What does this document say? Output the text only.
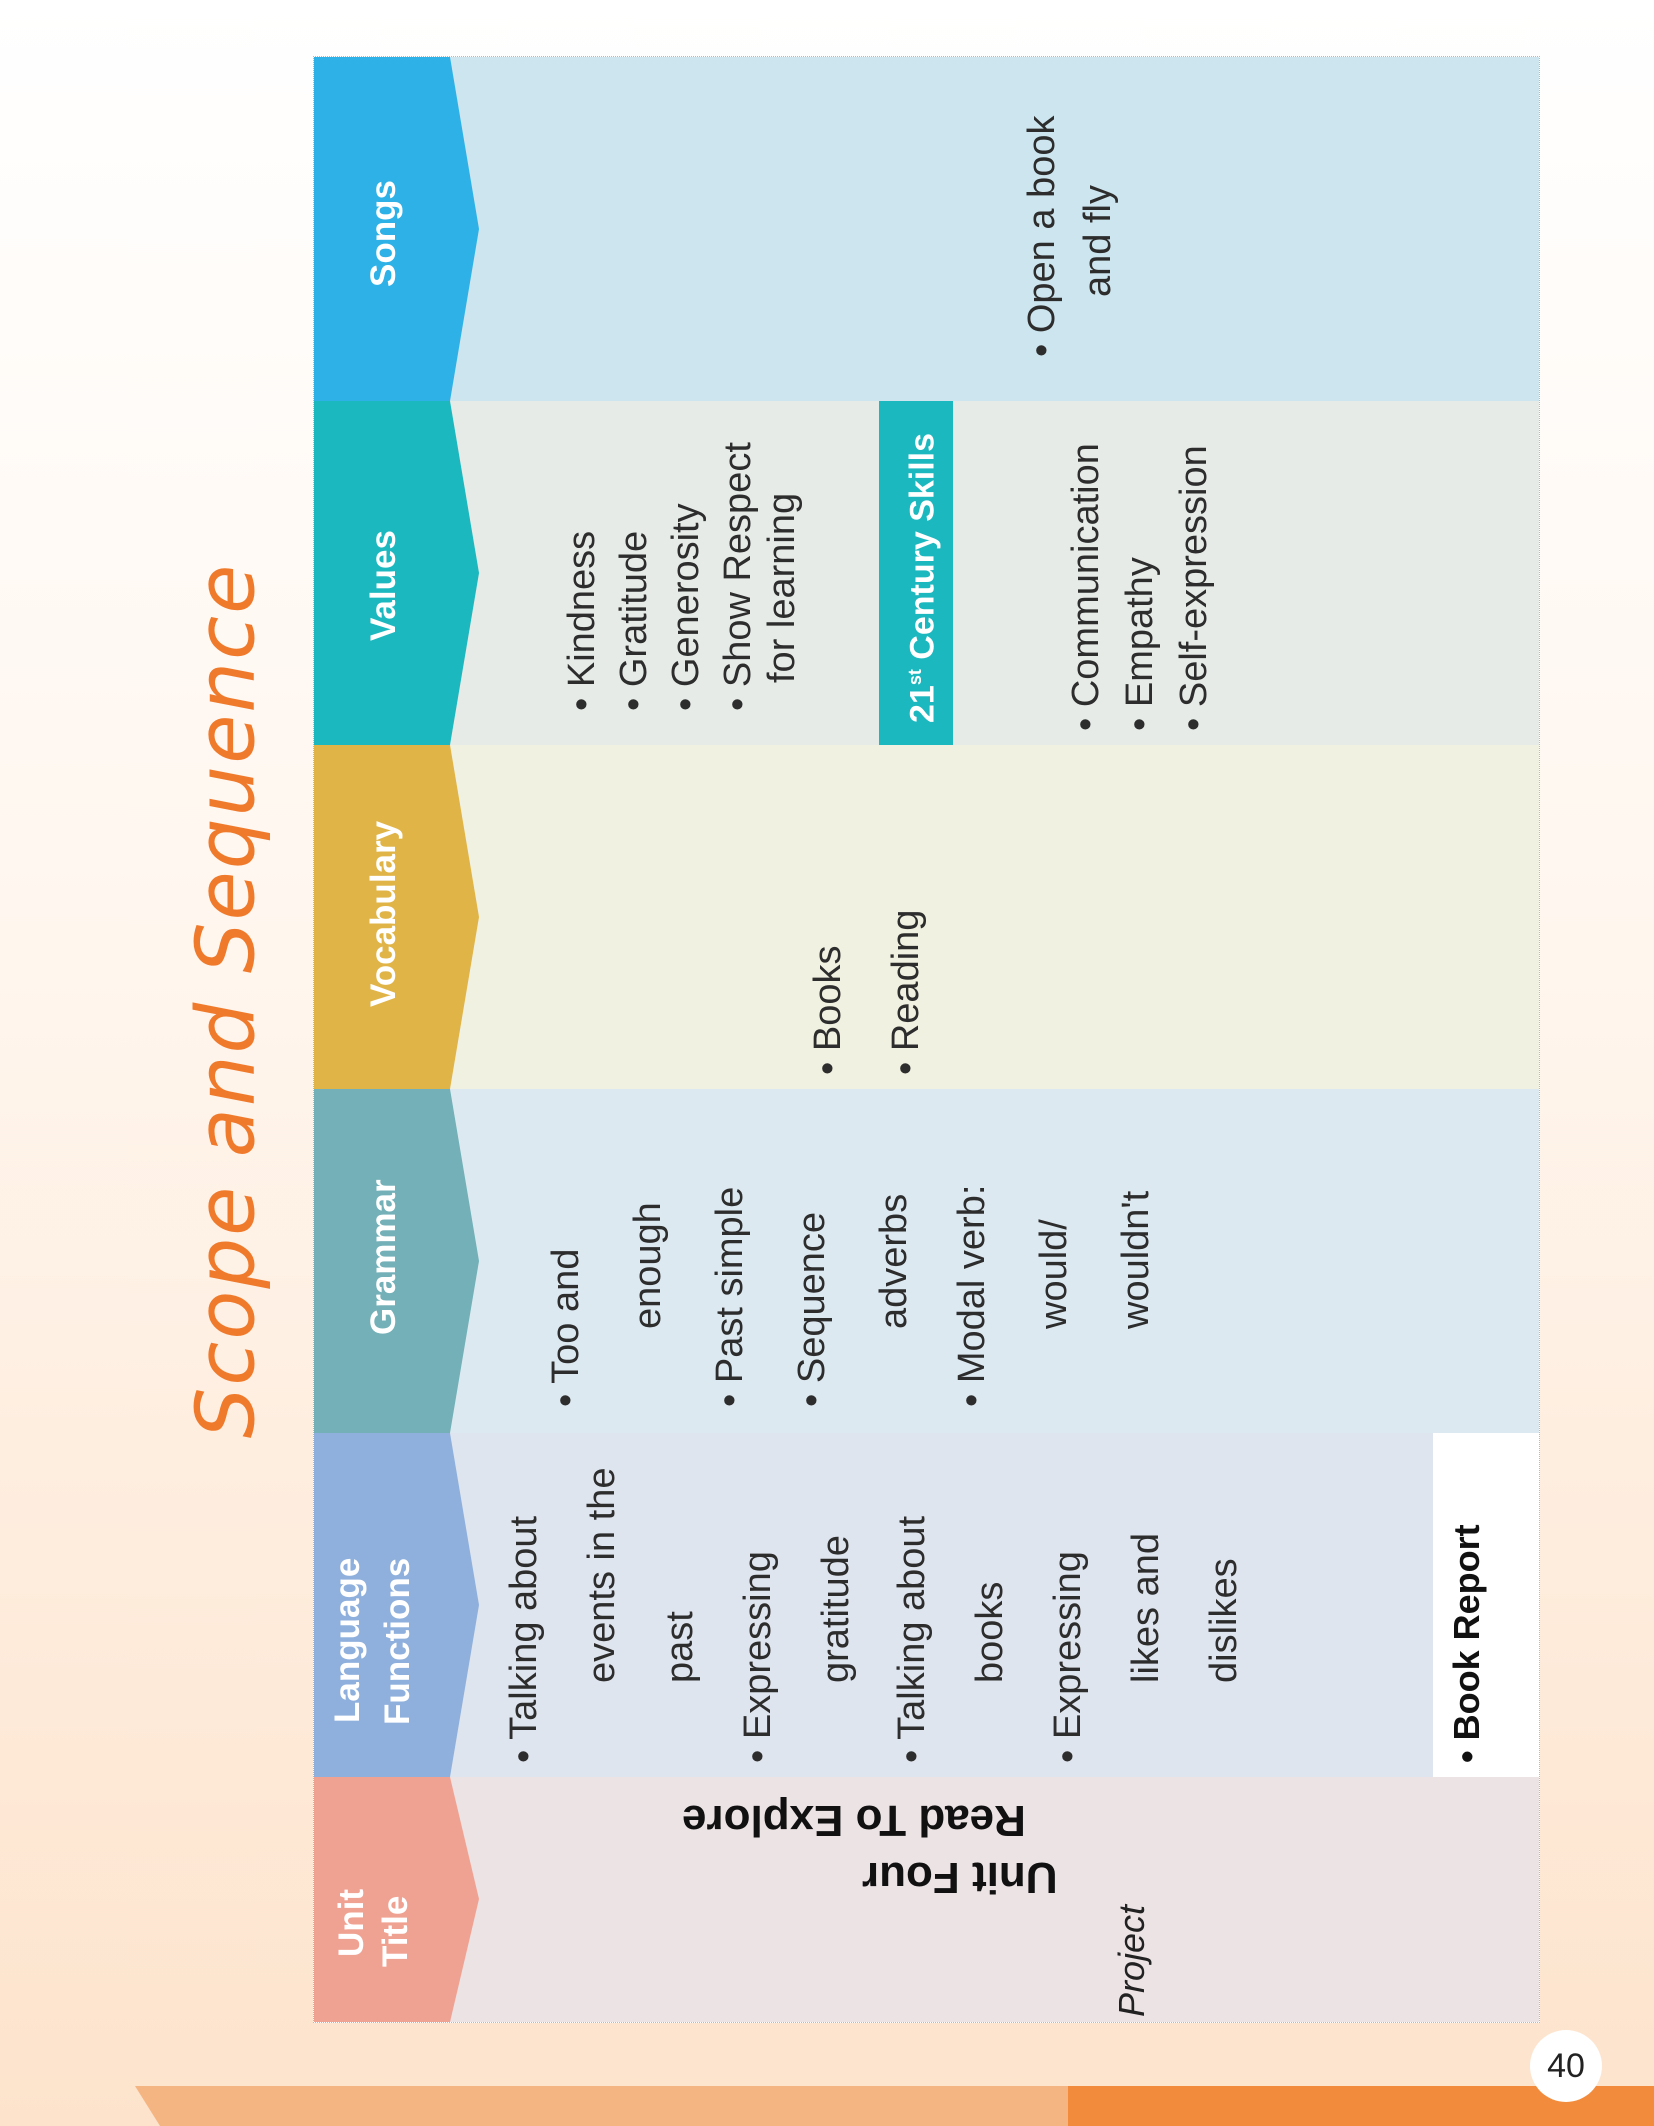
Scope and Sequence
• Open a book and fly
Songs
• Kindness • Gratitude • Generosity • Show Respect for learning
21st Century Skills	• Communication • Empathy • Self-expression
Values
• Books • Reading
Vocabulary
• Too and enough • Past simple • Sequence adverbs • Modal verb: would/ wouldn't
Grammar
• Talking about events in the past • Expressing gratitude • Talking about books • Expressing likes and dislikes	• Book Report
Language Functions
Read To Explore
Unit Four
Project
Unit Title
40
